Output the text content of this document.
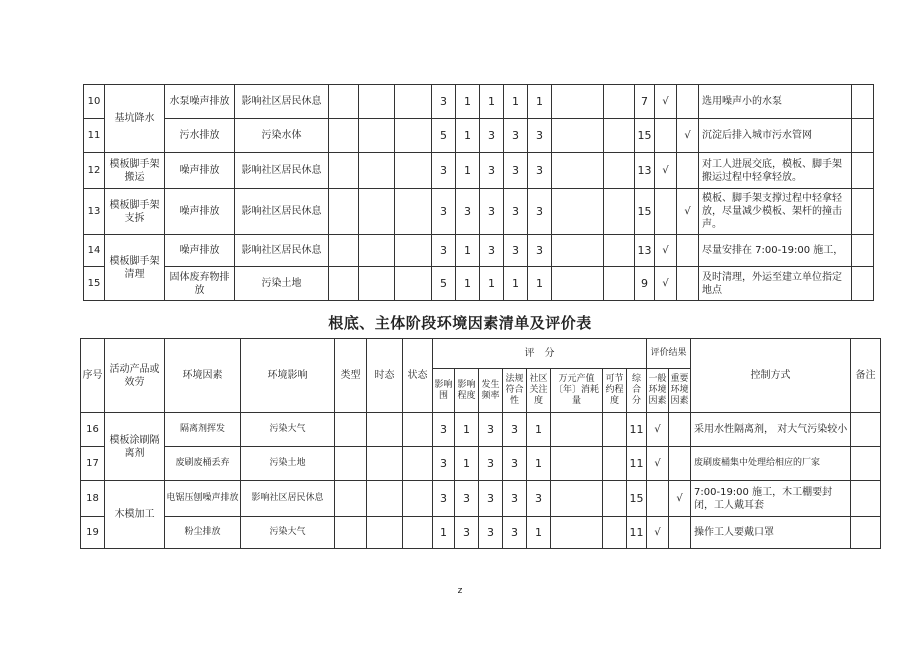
10	基坑降水	水泵噪声排放	影响社区居民休息				3	1	1	1	1			7	√		选用噪声小的水泵	
11		污水排放	污染水体				5	1	3	3	3			15		√	沉淀后排入城市污水管网	
12	模板脚手架搬运	噪声排放	影响社区居民休息				3	1	3	3	3			13	√		对工人进展交底，模板、脚手架搬运过程中轻拿轻放。	
13	模板脚手架支拆	噪声排放	影响社区居民休息				3	3	3	3	3			15		√	模板、脚手架支撑过程中轻拿轻放，尽量减少模板、架杆的撞击声。	
14	模板脚手架清理	噪声排放	影响社区居民休息				3	1	3	3	3			13	√		尽量安排在 7:00-19:00 施工，	
15		固体废弃物排放	污染土地				5	1	1	1	1			9	√		及时清理，外运至建立单位指定地点	
根底、主体阶段环境因素清单及评价表
序号	活动产品或效劳	环境因素	环境影响	类型	时态	状态	评　分								评价结果		控制方式	备注
							影响围	影响程度	发生频率	法规符合性	社区关注度	万元产值〔年〕消耗量	可节约程度	综合分	一般环境因素	重要环境因素		
16	模板涂刷隔离剂	隔离剂挥发	污染大气				3	1	3	3	1			11	√		采用水性隔离剂， 对大气污染较小	
17		废刷废桶丢弃	污染土地				3	1	3	3	1			11	√		废刷废桶集中处理给相应的厂家	
18	木模加工	电锯压刨噪声排放	影响社区居民休息				3	3	3	3	3			15		√	7:00-19:00 施工，木工棚要封闭，工人戴耳套	
19		粉尘排放	污染大气				1	3	3	3	1			11	√		操作工人要戴口罩	
z
